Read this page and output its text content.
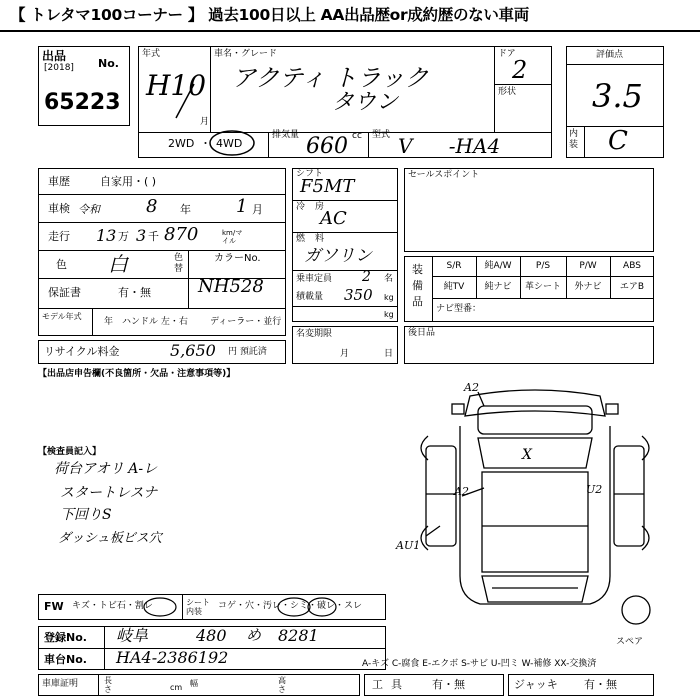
【 トレタマ100コーナー 】 過去100日以上 AA出品歴or成約歴のない車両
出品
[2018] No.
65223
年式
H10
月
車名・グレード
アクティ トラック
タウン
ドア
2
形状
2WD ・ 4WD
排気量 660 cc 型式 V -HA4
評価点
3.5
内装 C
車歴	自家用・( )
車検 令和	8 年	1 月
走行 13 万 3 千 870	km/マイル
色 白	色替
カラーNo.
NH528
保証書	有・無
モデル年式
年 ハンドル 左・右 ディーラー・並行
リサイクル料金	5,650 円 預託済
シフト
F5MT
冷房
AC
燃料
ガソリン
乗車定員 2 名
積載量 350 kg
kg
名変期限
月	日
セールスポイント
装備品
S/R	純A/W	P/S	P/W	ABS
純TV	純ナビ	革シート	外ナビ	エアB
ナビ型番：
後日品
【出品店申告欄(不良箇所・欠品・注意事項等)】
【検査員記入】
荷台アオリ A-レ
スタートレスナ
下回りS
ダッシュ板ビス穴
A2
X
A2	U2
AU1
スペア
FW キズ・トビ石・割レ	シート内装
コゲ・穴・汚レ・シミ・破レ・スレ
登録No. 岐阜	480 め 8281
車台No. HA4-2386192	A-キズ C-腐食 E-エクボ S-サビ U-凹ミ W-補修 XX-交換済
車庫証明	長さ	cm 幅	高さ	工具 有・無	ジャッキ 有・無
